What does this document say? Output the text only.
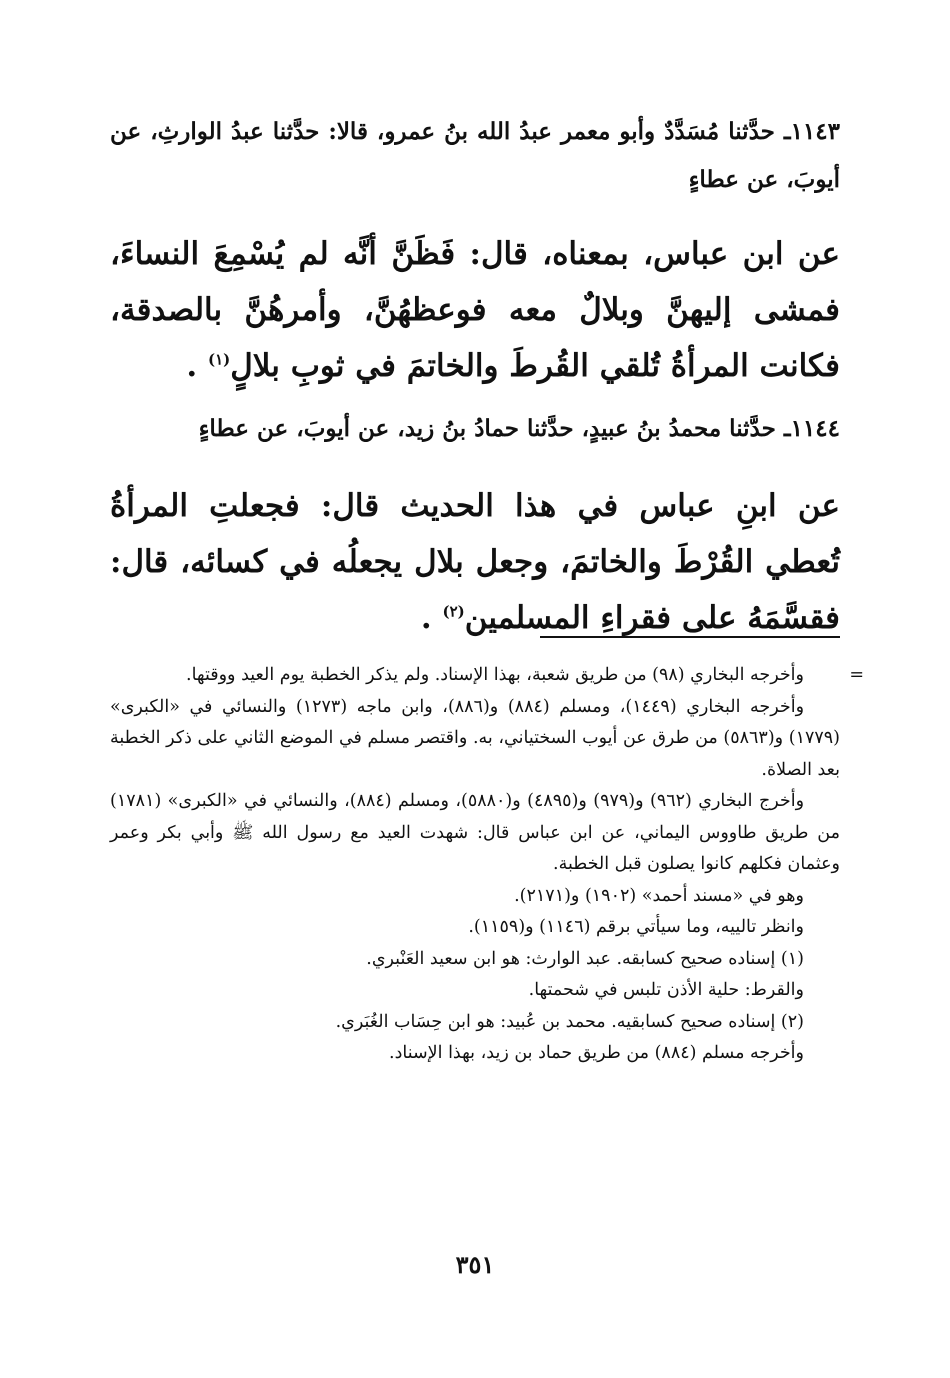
١١٤٣ـ حدَّثنا مُسَدَّدٌ وأبو معمر عبدُ الله بنُ عمرو، قالا: حدَّثنا عبدُ الوارثِ، عن أيوبَ، عن عطاءٍ

عن ابن عباس، بمعناه، قال: فَظَنَّ أنَّه لم يُسْمِعَ النساءَ، فمشى إليهنَّ وبلالٌ معه فوعظهُنَّ، وأمرهُنَّ بالصدقة، فكانت المرأةُ تُلقي القُرطَ والخاتمَ في ثوبِ بلالٍ$^{(١)}$ .

١١٤٤ـ حدَّثنا محمدُ بنُ عبيدٍ، حدَّثنا حمادُ بنُ زيد، عن أيوبَ، عن عطاءٍ

عن ابنِ عباس في هذا الحديث قال: فجعلتِ المرأةُ تُعطي القُرْطَ والخاتمَ، وجعل بلال يجعلُه في كسائه، قال: فقسَّمَهُ على فقراءِ المسلمين$^{(٢)}$ .

=

وأخرجه البخاري (٩٨) من طريق شعبة، بهذا الإسناد. ولم يذكر الخطبة يوم العيد ووقتها.

وأخرجه البخاري (١٤٤٩)، ومسلم (٨٨٤) و(٨٨٦)، وابن ماجه (١٢٧٣) والنسائي في «الكبرى» (١٧٧٩) و(٥٨٦٣) من طرق عن أيوب السختياني، به. واقتصر مسلم في الموضع الثاني على ذكر الخطبة بعد الصلاة.

وأخرج البخاري (٩٦٢) و(٩٧٩) و(٤٨٩٥) و(٥٨٨٠)، ومسلم (٨٨٤)، والنسائي في «الكبرى» (١٧٨١) من طريق طاووس اليماني، عن ابن عباس قال: شهدت العيد مع رسول الله ﷺ وأبي بكر وعمر وعثمان فكلهم كانوا يصلون قبل الخطبة.

وهو في «مسند أحمد» (١٩٠٢) و(٢١٧١).

وانظر تالييه، وما سيأتي برقم (١١٤٦) و(١١٥٩).

(١) إسناده صحيح كسابقه. عبد الوارث: هو ابن سعيد العَنْبري.

والقرط: حلية الأذن تلبس في شحمتها.

(٢) إسناده صحيح كسابقيه. محمد بن عُبيد: هو ابن حِسَاب الغُبَري.

وأخرجه مسلم (٨٨٤) من طريق حماد بن زيد، بهذا الإسناد.

٣٥١
